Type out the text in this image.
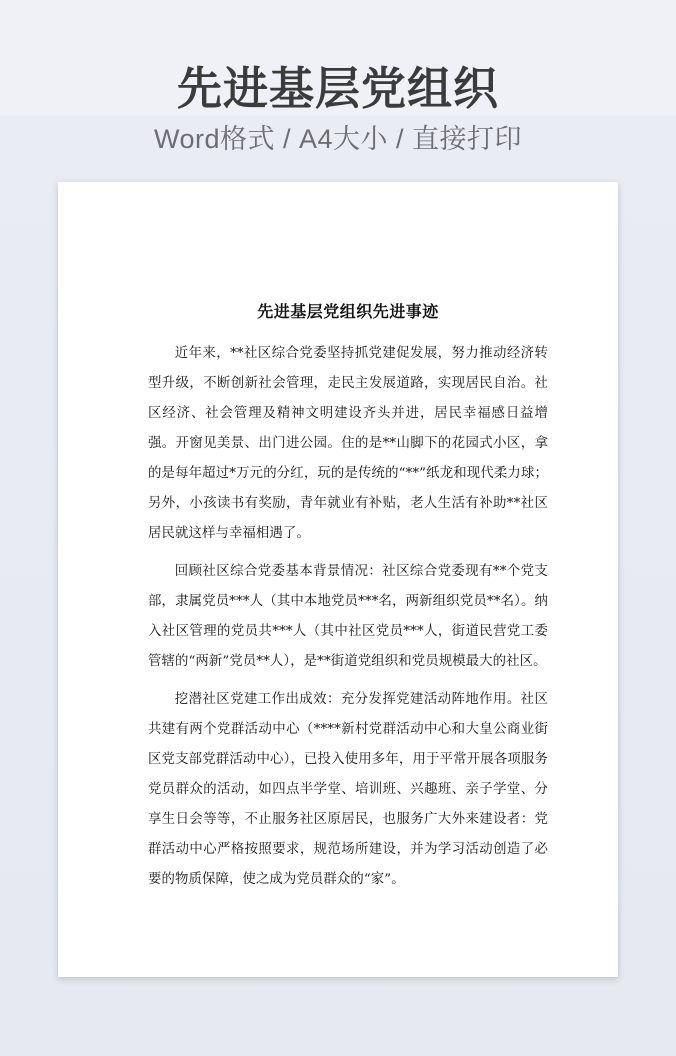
先进基层党组织

Word格式 / A4大小 / 直接打印

先进基层党组织先进事迹

近年来，**社区综合党委坚持抓党建促发展，努力推动经济转型升级，不断创新社会管理，走民主发展道路，实现居民自治。社区经济、社会管理及精神文明建设齐头并进，居民幸福感日益增强。开窗见美景、出门进公园。住的是**山脚下的花园式小区，拿的是每年超过*万元的分红，玩的是传统的“**”纸龙和现代柔力球；另外，小孩读书有奖励，青年就业有补贴，老人生活有补助**社区居民就这样与幸福相遇了。

回顾社区综合党委基本背景情况：社区综合党委现有**个党支部，隶属党员***人（其中本地党员***名，两新组织党员**名）。纳入社区管理的党员共***人（其中社区党员***人，街道民营党工委管辖的“两新”党员**人），是**街道党组织和党员规模最大的社区。

挖潜社区党建工作出成效：充分发挥党建活动阵地作用。社区共建有两个党群活动中心（****新村党群活动中心和大皇公商业街区党支部党群活动中心），已投入使用多年，用于平常开展各项服务党员群众的活动，如四点半学堂、培训班、兴趣班、亲子学堂、分享生日会等等，不止服务社区原居民，也服务广大外来建设者：党群活动中心严格按照要求，规范场所建设，并为学习活动创造了必要的物质保障，使之成为党员群众的“家”。
